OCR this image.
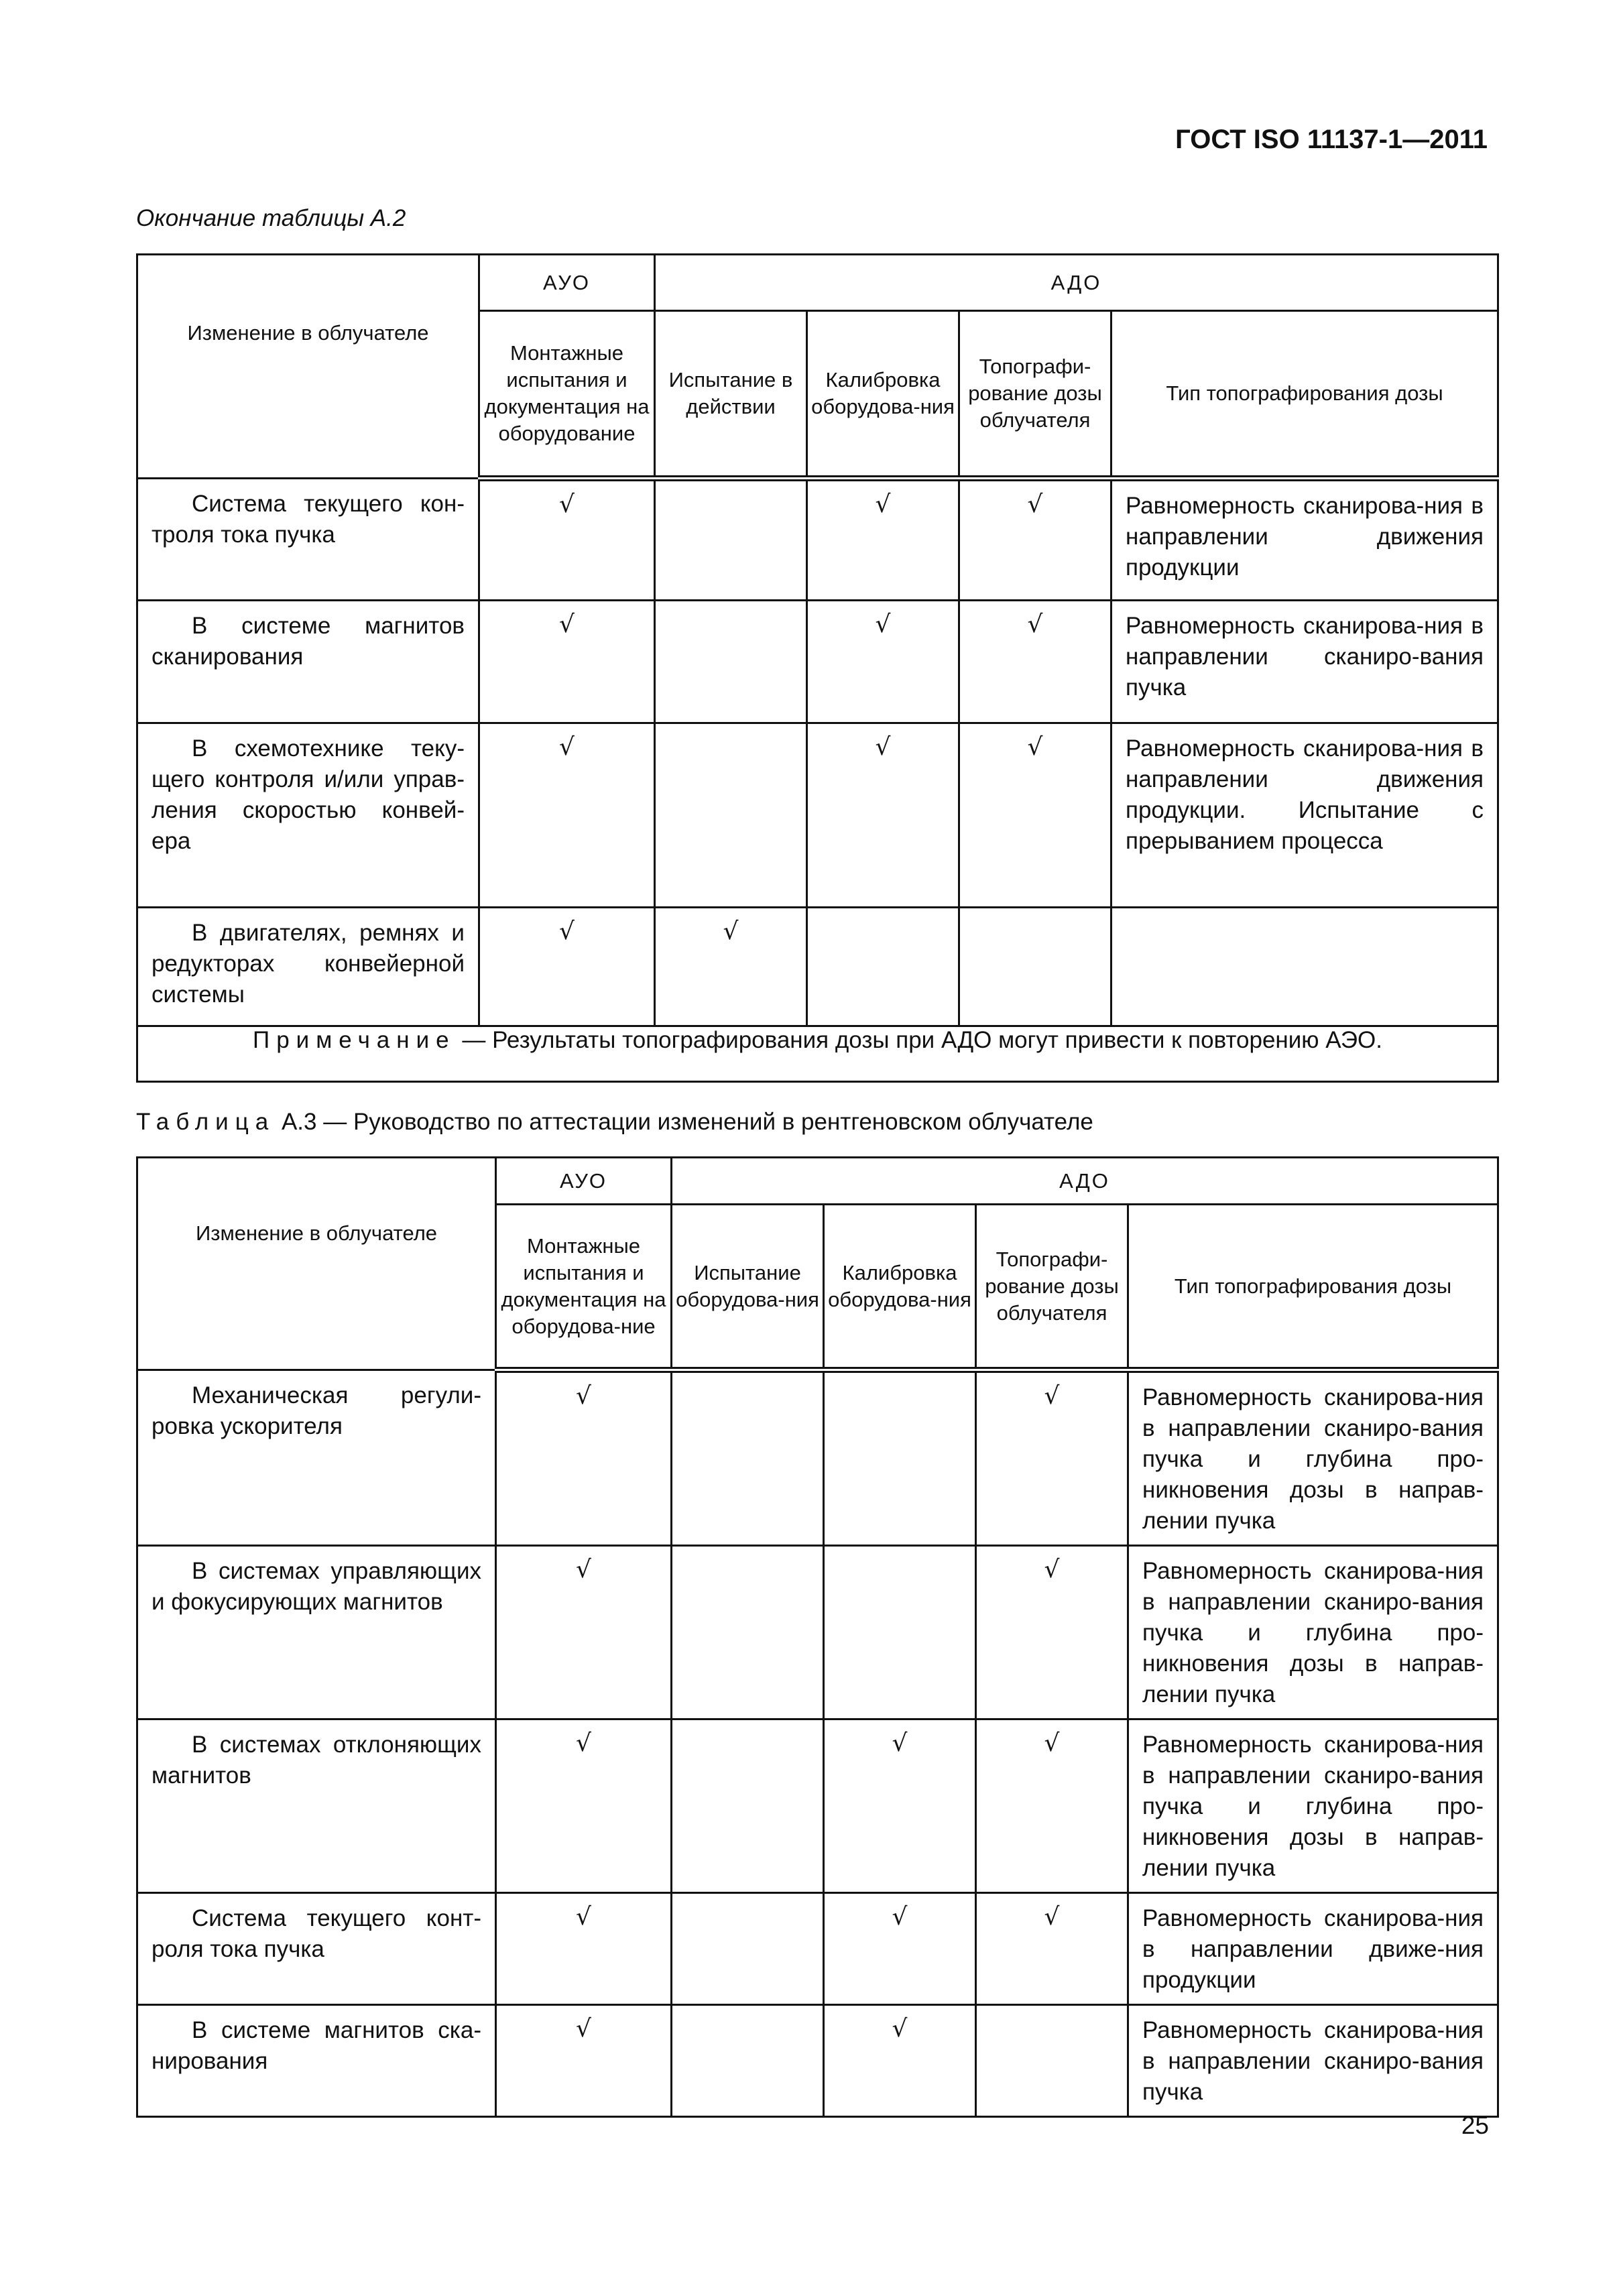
ГОСТ ISO 11137-1—2011
Окончание таблицы А.2
Изменение в облучателе	АУО	АДО			

	Монтажные испытания и документация на оборудование	Испытание в действии	Калибровка оборудова-ния	Топографи-рование дозы облучателя	Тип топографирования дозы

Система текущего кон-троля тока пучка	√		√	√	Равномерность сканирова-ния в направлении движения продукции

В системе магнитов сканирования	√		√	√	Равномерность сканирова-ния в направлении сканиро-вания пучка

В схемотехнике теку-щего контроля и/или управ-ления скоростью конвей-ера	√		√	√	Равномерность сканирова-ния в направлении движения продукции. Испытание с прерыванием процесса

В двигателях, ремнях и редукторах конвейерной системы	√	√			

Примечание — Результаты топографирования дозы при АДО могут привести к повторению АЭО.					
Таблица А.3 — Руководство по аттестации изменений в рентгеновском облучателе
Изменение в облучателе	АУО	АДО			

	Монтажные испытания и документация на оборудова-ние	Испытание оборудова-ния	Калибровка оборудова-ния	Топографи-рование дозы облучателя	Тип топографирования дозы

Механическая регули-ровка ускорителя	√			√	Равномерность сканирова-ния в направлении сканиро-вания пучка и глубина про-никновения дозы в направ-лении пучка

В системах управляющих и фокусирующих магнитов	√			√	Равномерность сканирова-ния в направлении сканиро-вания пучка и глубина про-никновения дозы в направ-лении пучка

В системах отклоняющих магнитов	√		√	√	Равномерность сканирова-ния в направлении сканиро-вания пучка и глубина про-никновения дозы в направ-лении пучка

Система текущего конт-роля тока пучка	√		√	√	Равномерность сканирова-ния в направлении движе-ния продукции

В системе магнитов ска-нирования	√		√		Равномерность сканирова-ния в направлении сканиро-вания пучка
25
